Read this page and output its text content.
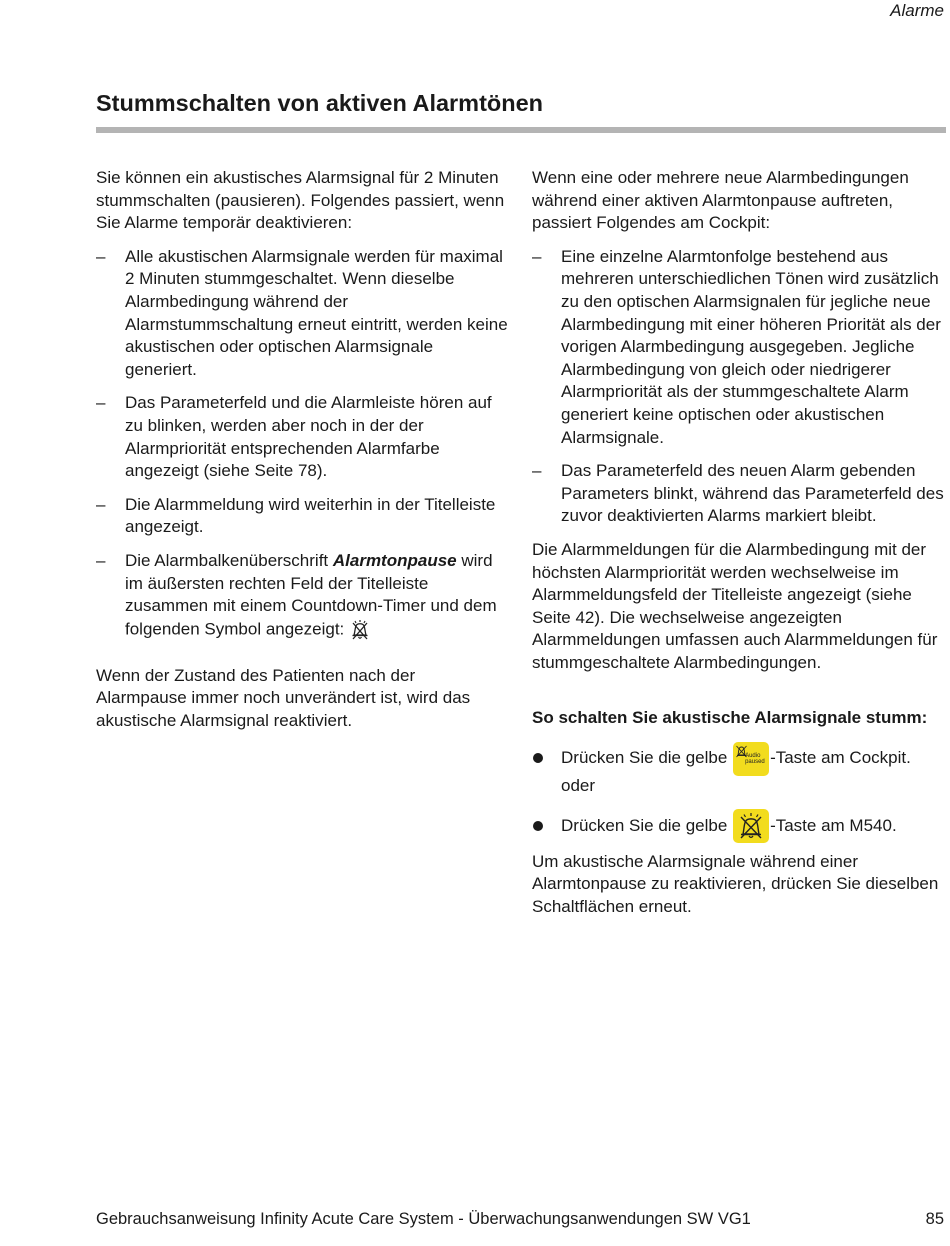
Alarme
Stummschalten von aktiven Alarmtönen

Sie können ein akustisches Alarmsignal für 2 Minuten stummschalten (pausieren). Folgendes passiert, wenn Sie Alarme temporär deaktivieren:

– Alle akustischen Alarmsignale werden für maximal 2 Minuten stummgeschaltet. Wenn dieselbe Alarmbedingung während der Alarmstummschaltung erneut eintritt, werden keine akustischen oder optischen Alarmsignale generiert.
– Das Parameterfeld und die Alarmleiste hören auf zu blinken, werden aber noch in der der Alarmpriorität entsprechenden Alarmfarbe angezeigt (siehe Seite 78).
– Die Alarmmeldung wird weiterhin in der Titelleiste angezeigt.
– Die Alarmbalkenüberschrift Alarmtonpause wird im äußersten rechten Feld der Titelleiste zusammen mit einem Countdown-Timer und dem folgenden Symbol angezeigt:

Wenn der Zustand des Patienten nach der Alarmpause immer noch unverändert ist, wird das akustische Alarmsignal reaktiviert.

Wenn eine oder mehrere neue Alarmbedingungen während einer aktiven Alarmtonpause auftreten, passiert Folgendes am Cockpit:

– Eine einzelne Alarmtonfolge bestehend aus mehreren unterschiedlichen Tönen wird zusätzlich zu den optischen Alarmsignalen für jegliche neue Alarmbedingung mit einer höheren Priorität als der vorigen Alarmbedingung ausgegeben. Jegliche Alarmbedingung von gleich oder niedrigerer Alarmpriorität als der stummgeschaltete Alarm generiert keine optischen oder akustischen Alarmsignale.
– Das Parameterfeld des neuen Alarm gebenden Parameters blinkt, während das Parameterfeld des zuvor deaktivierten Alarms markiert bleibt.

Die Alarmmeldungen für die Alarmbedingung mit der höchsten Alarmpriorität werden wechselweise im Alarmmeldungsfeld der Titelleiste angezeigt (siehe Seite 42). Die wechselweise angezeigten Alarmmeldungen umfassen auch Alarmmeldungen für stummgeschaltete Alarmbedingungen.

So schalten Sie akustische Alarmsignale stumm:

Drücken Sie die gelbe	Audio
paused -Taste am Cockpit.

oder

Drücken Sie die gelbe	-Taste am M540.

Um akustische Alarmsignale während einer Alarmtonpause zu reaktivieren, drücken Sie dieselben Schaltflächen erneut.

Gebrauchsanweisung Infinity Acute Care System - Überwachungsanwendungen SW VG1	85
